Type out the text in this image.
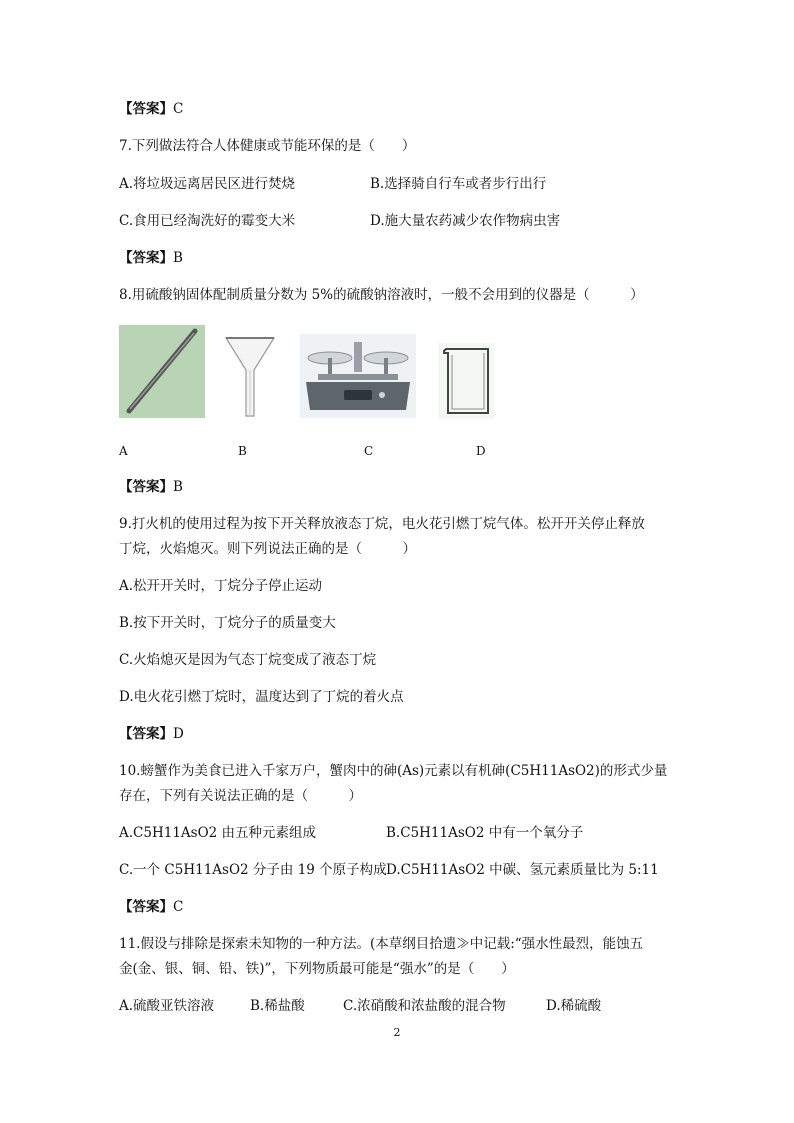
【答案】C
7.下列做法符合人体健康或节能环保的是（　　）
A.将垃圾远离居民区进行焚烧	B.选择骑自行车或者步行出行
C.食用已经淘洗好的霉变大米	D.施大量农药减少农作物病虫害
【答案】B
8.用硫酸钠固体配制质量分数为 5%的硫酸钠溶液时，一般不会用到的仪器是（　　　）
A	B	C	D
【答案】B
9.打火机的使用过程为按下开关释放液态丁烷，电火花引燃丁烷气体。松开开关停止释放
丁烷，火焰熄灭。则下列说法正确的是（　　　）
A.松开开关时，丁烷分子停止运动
B.按下开关时，丁烷分子的质量变大
C.火焰熄灭是因为气态丁烷变成了液态丁烷
D.电火花引燃丁烷时，温度达到了丁烷的着火点
【答案】D
10.螃蟹作为美食已进入千家万户，蟹肉中的砷(As)元素以有机砷(C5H11AsO2)的形式少量
存在，下列有关说法正确的是（　　　）
A.C5H11AsO2 由五种元素组成	B.C5H11AsO2 中有一个氧分子
C.一个 C5H11AsO2 分子由 19 个原子构成 D.C5H11AsO2 中碳、氢元素质量比为 5:11
【答案】C
11.假设与排除是探索未知物的一种方法。(本草纲目拾遗≫中记载:“强水性最烈，能蚀五
金(金、银、铜、铅、铁)”，下列物质最可能是“强水”的是（　　）
A.硫酸亚铁溶液	B.稀盐酸	C.浓硝酸和浓盐酸的混合物	D.稀硫酸
2
